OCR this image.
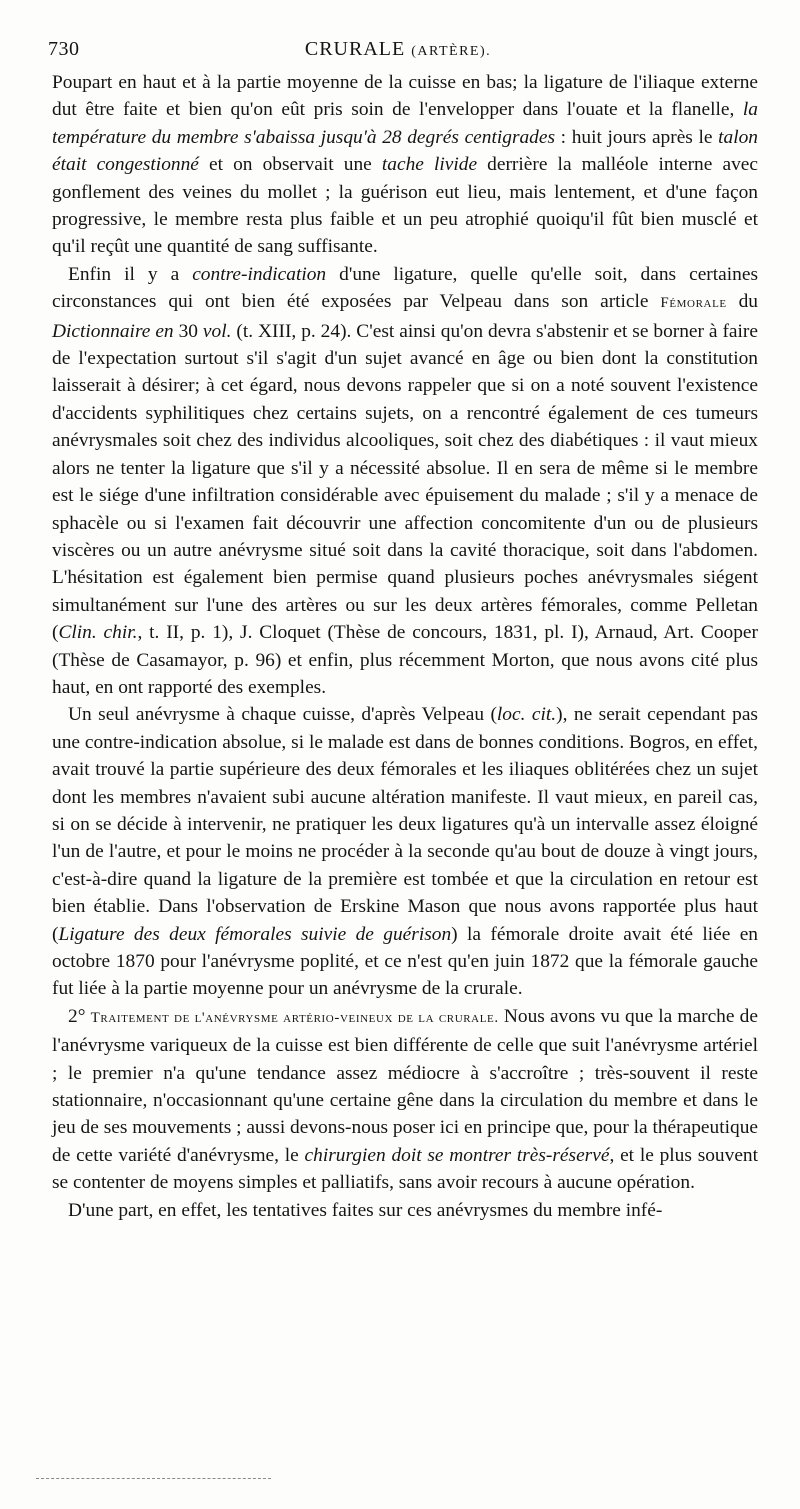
730	CRURALE (ARTÈRE).

Poupart en haut et à la partie moyenne de la cuisse en bas; la ligature de l'iliaque externe dut être faite et bien qu'on eût pris soin de l'envelopper dans l'ouate et la flanelle, la température du membre s'abaissa jusqu'à 28 degrés centigrades : huit jours après le talon était congestionné et on observait une tache livide derrière la malléole interne avec gonflement des veines du mollet ; la guérison eut lieu, mais lentement, et d'une façon progressive, le membre resta plus faible et un peu atrophié quoiqu'il fût bien musclé et qu'il reçût une quantité de sang suffisante.

Enfin il y a contre-indication d'une ligature, quelle qu'elle soit, dans certaines circonstances qui ont bien été exposées par Velpeau dans son article Fémorale du Dictionnaire en 30 vol. (t. XIII, p. 24). C'est ainsi qu'on devra s'abstenir et se borner à faire de l'expectation surtout s'il s'agit d'un sujet avancé en âge ou bien dont la constitution laisserait à désirer; à cet égard, nous devons rappeler que si on a noté souvent l'existence d'accidents syphilitiques chez certains sujets, on a rencontré également de ces tumeurs anévrysmales soit chez des individus alcooliques, soit chez des diabétiques : il vaut mieux alors ne tenter la ligature que s'il y a nécessité absolue. Il en sera de même si le membre est le siége d'une infiltration considérable avec épuisement du malade ; s'il y a menace de sphacèle ou si l'examen fait découvrir une affection concomitente d'un ou de plusieurs viscères ou un autre anévrysme situé soit dans la cavité thoracique, soit dans l'abdomen. L'hésitation est également bien permise quand plusieurs poches anévrysmales siégent simultanément sur l'une des artères ou sur les deux artères fémorales, comme Pelletan (Clin. chir., t. II, p. 1), J. Cloquet (Thèse de concours, 1831, pl. I), Arnaud, Art. Cooper (Thèse de Casamayor, p. 96) et enfin, plus récemment Morton, que nous avons cité plus haut, en ont rapporté des exemples.

Un seul anévrysme à chaque cuisse, d'après Velpeau (loc. cit.), ne serait cependant pas une contre-indication absolue, si le malade est dans de bonnes conditions. Bogros, en effet, avait trouvé la partie supérieure des deux fémorales et les iliaques oblitérées chez un sujet dont les membres n'avaient subi aucune altération manifeste. Il vaut mieux, en pareil cas, si on se décide à intervenir, ne pratiquer les deux ligatures qu'à un intervalle assez éloigné l'un de l'autre, et pour le moins ne procéder à la seconde qu'au bout de douze à vingt jours, c'est-à-dire quand la ligature de la première est tombée et que la circulation en retour est bien établie. Dans l'observation de Erskine Mason que nous avons rapportée plus haut (Ligature des deux fémorales suivie de guérison) la fémorale droite avait été liée en octobre 1870 pour l'anévrysme poplité, et ce n'est qu'en juin 1872 que la fémorale gauche fut liée à la partie moyenne pour un anévrysme de la crurale.

2° Traitement de l'anévrysme artério-veineux de la crurale. Nous avons vu que la marche de l'anévrysme variqueux de la cuisse est bien différente de celle que suit l'anévrysme artériel ; le premier n'a qu'une tendance assez médiocre à s'accroître ; très-souvent il reste stationnaire, n'occasionnant qu'une certaine gêne dans la circulation du membre et dans le jeu de ses mouvements ; aussi devons-nous poser ici en principe que, pour la thérapeutique de cette variété d'anévrysme, le chirurgien doit se montrer très-réservé, et le plus souvent se contenter de moyens simples et palliatifs, sans avoir recours à aucune opération.

D'une part, en effet, les tentatives faites sur ces anévrysmes du membre infé-
